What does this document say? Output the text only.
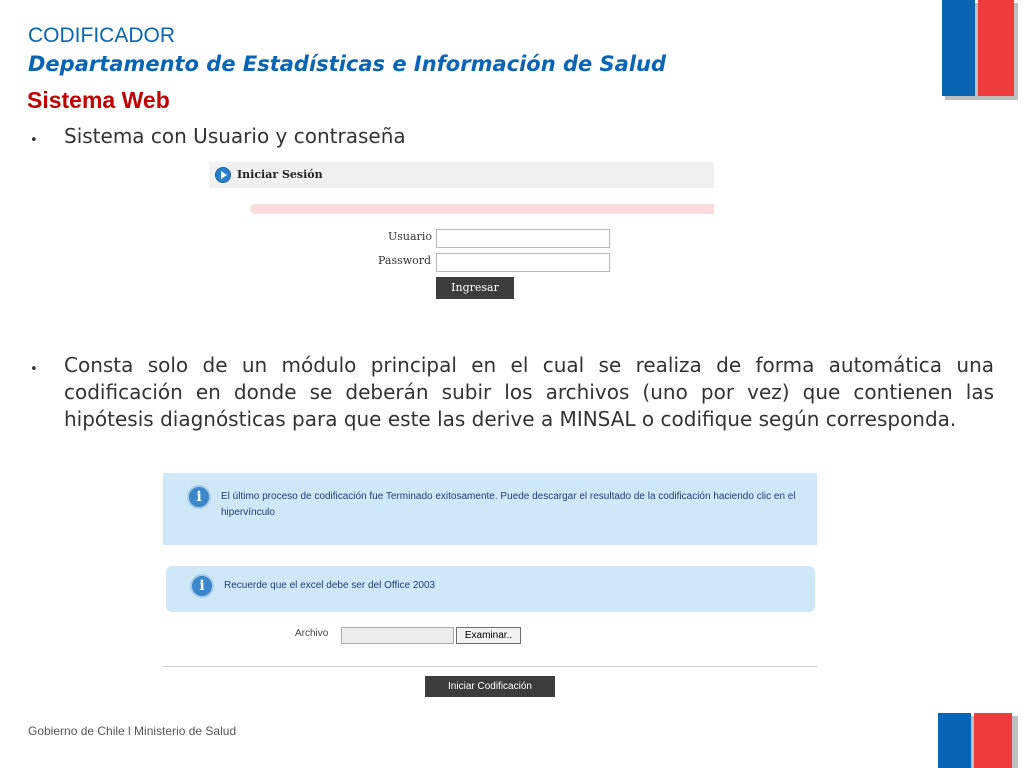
CODIFICADOR
Departamento de Estadísticas e Información de Salud
Sistema Web
• Sistema con Usuario y contraseña
Iniciar Sesión
Usuario
Password
Ingresar
• Consta solo de un módulo principal en el cual se realiza de forma automática una codificación en donde se deberán subir los archivos (uno por vez) que contienen las hipótesis diagnósticas para que este las derive a MINSAL o codifique según corresponda.
i	El último proceso de codificación fue Terminado exitosamente. Puede descargar el resultado de la codificación haciendo clic en el hipervínculo
i	Recuerde que el excel debe ser del Office 2003
Archivo	Examinar..
Iniciar Codificación
Gobierno de Chile l Ministerio de Salud
